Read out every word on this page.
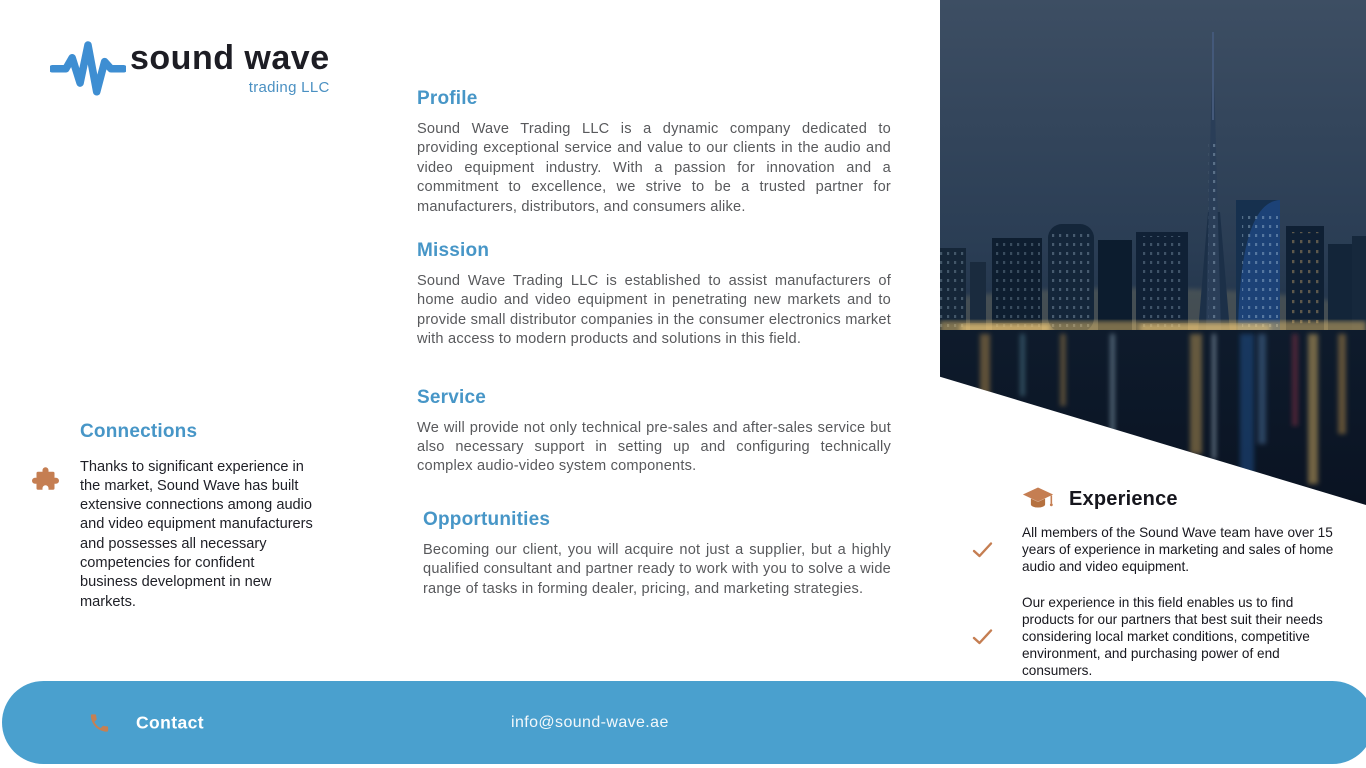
sound wave
trading LLC
Profile

Sound Wave Trading LLC is a dynamic company dedicated to providing exceptional service and value to our clients in the audio and video equipment industry. With a passion for innovation and a commitment to excellence, we strive to be a trusted partner for manufacturers, distributors, and consumers alike.

Mission

Sound Wave Trading LLC is established to assist manufacturers of home audio and video equipment in penetrating new markets and to provide small distributor companies in the consumer electronics market with access to modern products and solutions in this field.

Service

We will provide not only technical pre-sales and after-sales service but also necessary support in setting up and configuring technically complex audio-video system components.

Opportunities

Becoming our client, you will acquire not just a supplier, but a highly qualified consultant and partner ready to work with you to solve a wide range of tasks in forming dealer, pricing, and marketing strategies.

Connections

Thanks to significant experience in the market, Sound Wave has built extensive connections among audio and video equipment manufacturers and possesses all necessary competencies for confident business development in new markets.

Experience
All members of the Sound Wave team have over 15 years of experience in marketing and sales of home audio and video equipment.
Our experience in this field enables us to find products for our partners that best suit their needs considering local market conditions, competitive environment, and purchasing power of end consumers.
Contact	info@sound-wave.ae
